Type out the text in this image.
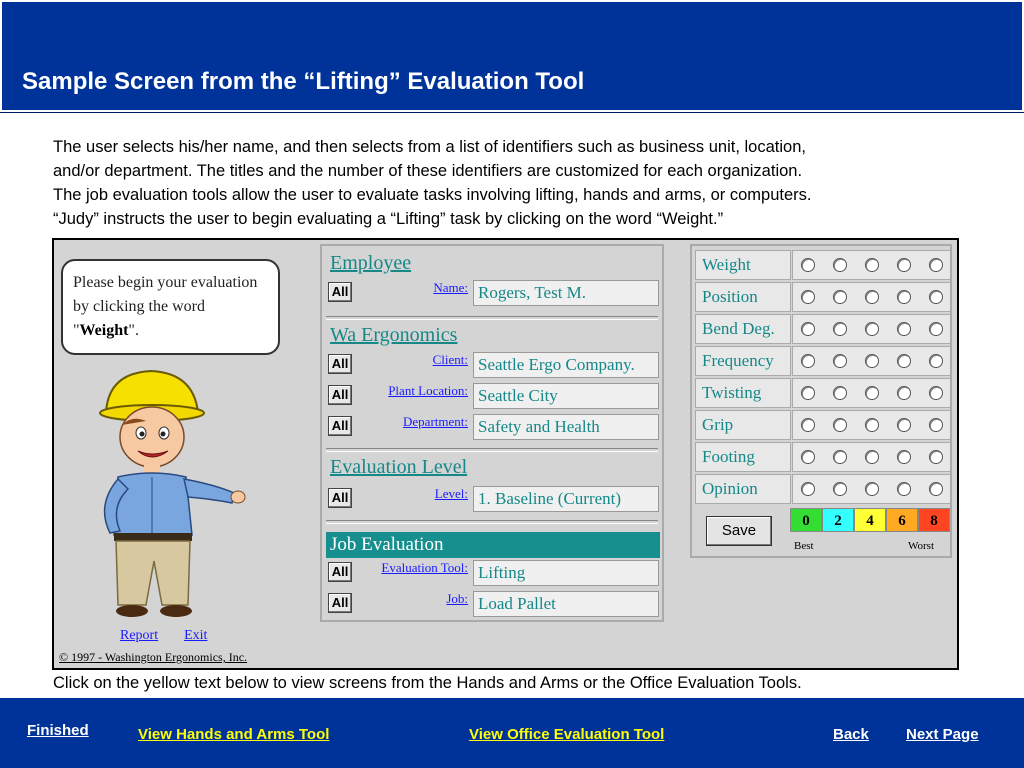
Sample Screen from the “Lifting” Evaluation Tool

The user selects his/her name, and then selects from a list of identifiers such as business unit, location,

and/or department. The titles and the number of these identifiers are customized for each organization.

The job evaluation tools allow the user to evaluate tasks involving lifting, hands and arms, or computers.

“Judy” instructs the user to begin evaluating a “Lifting” task by clicking on the word “Weight.”

Please begin your evaluation by clicking the word "Weight".
Report Exit
© 1997 - Washington Ergonomics, Inc.
Employee
All	Name: Rogers, Test M.
Wa Ergonomics
All	Client: Seattle Ergo Company.
All	Plant Location: Seattle City
All	Department: Safety and Health
Evaluation Level
All	Level: 1. Baseline (Current)
Job Evaluation
All	Evaluation Tool: Lifting
All	Job: Load Pallet
Weight
Position
Bend Deg.
Frequency
Twisting
Grip
Footing
Opinion
Save
0	2	4	6	8
Best	Worst
Click on the yellow text below to view screens from the Hands and Arms or the Office Evaluation Tools.
Finished	View Hands and Arms Tool	View Office Evaluation Tool	Back Next Page
